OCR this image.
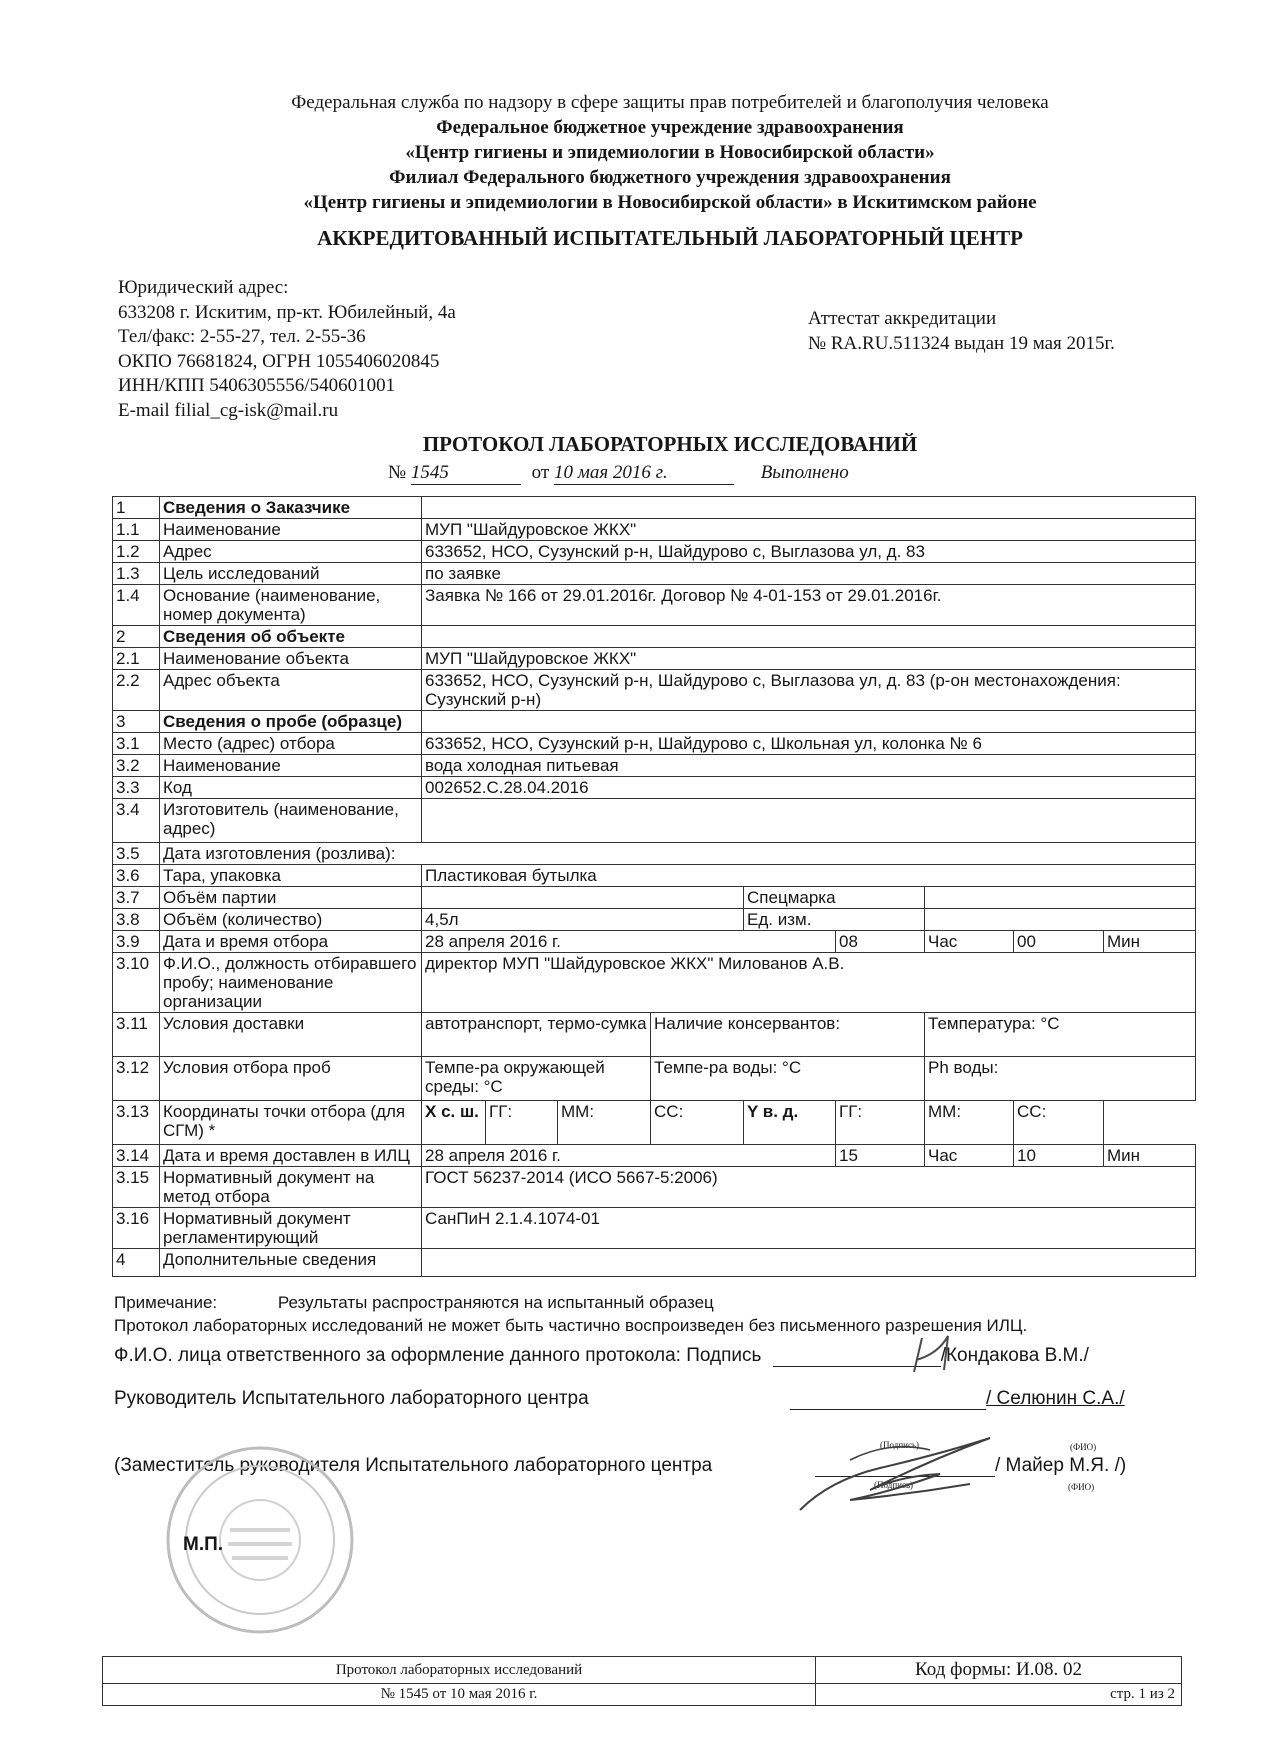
Федеральная служба по надзору в сфере защиты прав потребителей и благополучия человека
Федеральное бюджетное учреждение здравоохранения
«Центр гигиены и эпидемиологии в Новосибирской области»
Филиал Федерального бюджетного учреждения здравоохранения
«Центр гигиены и эпидемиологии в Новосибирской области» в Искитимском районе
АККРЕДИТОВАННЫЙ ИСПЫТАТЕЛЬНЫЙ ЛАБОРАТОРНЫЙ ЦЕНТР
Юридический адрес:
633208 г. Искитим, пр-кт. Юбилейный, 4а
Тел/факс: 2-55-27, тел. 2-55-36
ОКПО 76681824, ОГРН 1055406020845
ИНН/КПП 5406305556/540601001
E-mail filial_cg-isk@mail.ru
Аттестат аккредитации
№ RA.RU.511324 выдан 19 мая 2015г.
ПРОТОКОЛ ЛАБОРАТОРНЫХ ИССЛЕДОВАНИЙ
№ 1545	от 10 мая 2016 г.	Выполнено
1	Сведения о Заказчике									
1.1	Наименование	МУП "Шайдуровское ЖКХ"								
1.2	Адрес	633652, НСО, Сузунский р-н, Шайдурово с, Выглазова ул, д. 83								
1.3	Цель исследований	по заявке								
1.4	Основание (наименование, номер документа)	Заявка № 166 от 29.01.2016г. Договор № 4-01-153 от 29.01.2016г.								
2	Сведения об объекте									
2.1	Наименование объекта	МУП "Шайдуровское ЖКХ"								
2.2	Адрес объекта	633652, НСО, Сузунский р-н, Шайдурово с, Выглазова ул, д. 83 (р-он местонахождения: Сузунский р-н)								
3	Сведения о пробе (образце)									
3.1	Место (адрес) отбора	633652, НСО, Сузунский р-н, Шайдурово с, Школьная ул, колонка № 6								
3.2	Наименование	вода холодная питьевая								
3.3	Код	002652.С.28.04.2016								
3.4	Изготовитель (наименование, адрес)									
3.5	Дата изготовления (розлива):									
3.6	Тара, упаковка	Пластиковая бутылка								
3.7	Объём партии					Спецмарка				
3.8	Объём (количество)	4,5л				Ед. изм.				
3.9	Дата и время отбора	28 апреля 2016 г.					08	Час	00	Мин
3.10	Ф.И.О., должность отбиравшего пробу; наименование организации	директор МУП "Шайдуровское ЖКХ" Милованов А.В.								
3.11	Условия доставки	автотранспорт, термо-сумка			Наличие консервантов:			Температура: °С		
3.12	Условия отбора проб	Темпе-ра окружающей среды: °С			Темпе-ра воды: °С			Ph воды:		
3.13	Координаты точки отбора (для СГМ) *	X с. ш.	ГГ:	ММ:	СС:	Y в. д.	ГГ:	ММ:	СС:	
3.14	Дата и время доставлен в ИЛЦ	28 апреля 2016 г.					15	Час	10	Мин
3.15	Нормативный документ на метод отбора	ГОСТ 56237-2014 (ИСО 5667-5:2006)								
3.16	Нормативный документ регламентирующий	СанПиН 2.1.4.1074-01								
4	Дополнительные сведения									
Примечание:	Результаты распространяются на испытанный образец
Протокол лабораторных исследований не может быть частично воспроизведен без письменного разрешения ИЛЦ.
Ф.И.О. лица ответственного за оформление данного протокола: Подпись	/Кондакова В.М./
Руководитель Испытательного лабораторного центра	/ Селюнин С.А./
(Подпись)	(ФИО)
(Заместитель руководителя Испытательного лабораторного центра	/ Майер М.Я. /)
(Подпись)	(ФИО)
М.П.
Протокол лабораторных исследований	Код формы: И.08. 02
№ 1545 от 10 мая 2016 г.	стр. 1 из 2
